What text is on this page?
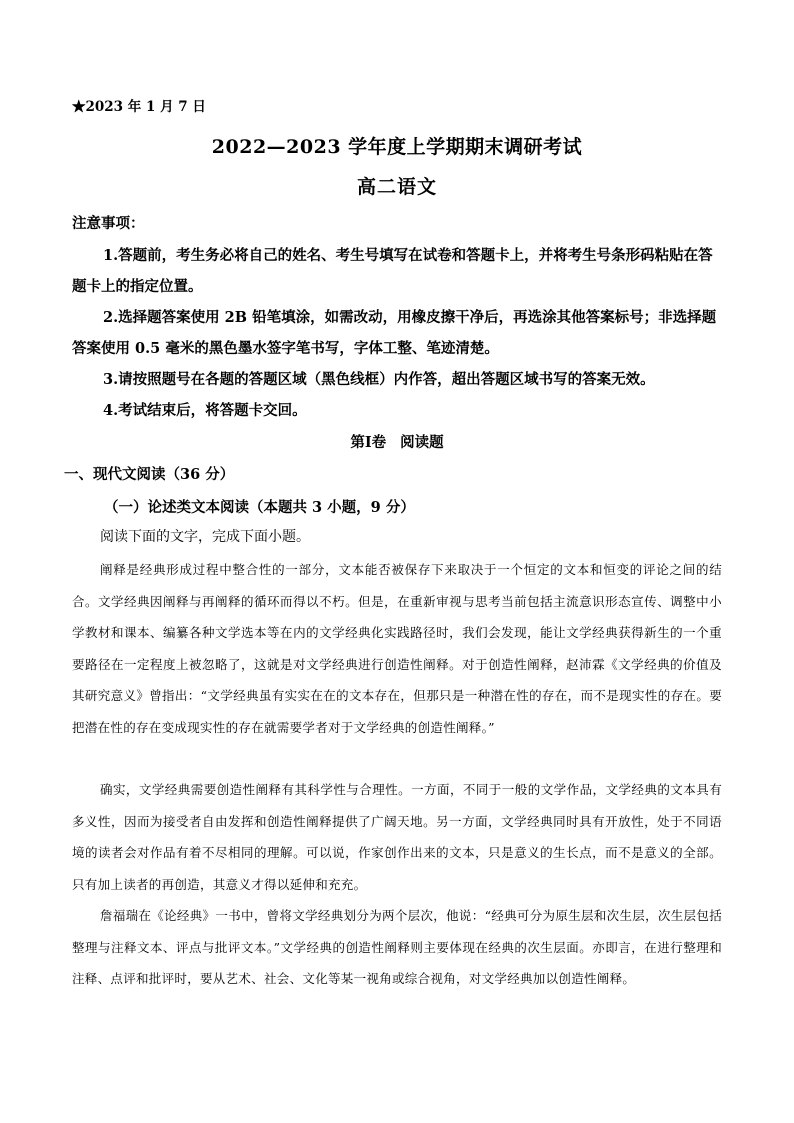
★2023 年 1 月 7 日
2022—2023 学年度上学期期末调研考试
高二语文
注意事项：
1.答题前，考生务必将自己的姓名、考生号填写在试卷和答题卡上，并将考生号条形码粘贴在答题卡上的指定位置。
2.选择题答案使用 2B 铅笔填涂，如需改动，用橡皮擦干净后，再选涂其他答案标号；非选择题答案使用 0.5 毫米的黑色墨水签字笔书写，字体工整、笔迹清楚。
3.请按照题号在各题的答题区域（黑色线框）内作答，超出答题区域书写的答案无效。
4.考试结束后，将答题卡交回。
第Ⅰ卷 阅读题
一、现代文阅读（36 分）
（一）论述类文本阅读（本题共 3 小题，9 分）
阅读下面的文字，完成下面小题。
阐释是经典形成过程中整合性的一部分，文本能否被保存下来取决于一个恒定的文本和恒变的评论之间的结合。文学经典因阐释与再阐释的循环而得以不朽。但是，在重新审视与思考当前包括主流意识形态宣传、调整中小学教材和课本、编纂各种文学选本等在内的文学经典化实践路径时，我们会发现，能让文学经典获得新生的一个重要路径在一定程度上被忽略了，这就是对文学经典进行创造性阐释。对于创造性阐释，赵沛霖《文学经典的价值及其研究意义》曾指出：“文学经典虽有实实在在的文本存在，但那只是一种潜在性的存在，而不是现实性的存在。要把潜在性的存在变成现实性的存在就需要学者对于文学经典的创造性阐释。”
确实，文学经典需要创造性阐释有其科学性与合理性。一方面，不同于一般的文学作品，文学经典的文本具有多义性，因而为接受者自由发挥和创造性阐释提供了广阔天地。另一方面，文学经典同时具有开放性，处于不同语境的读者会对作品有着不尽相同的理解。可以说，作家创作出来的文本，只是意义的生长点，而不是意义的全部。只有加上读者的再创造，其意义才得以延伸和充充。
詹福瑞在《论经典》一书中，曾将文学经典划分为两个层次，他说：“经典可分为原生层和次生层，次生层包括整理与注释文本、评点与批评文本。”文学经典的创造性阐释则主要体现在经典的次生层面。亦即言，在进行整理和注释、点评和批评时，要从艺术、社会、文化等某一视角或综合视角，对文学经典加以创造性阐释。
